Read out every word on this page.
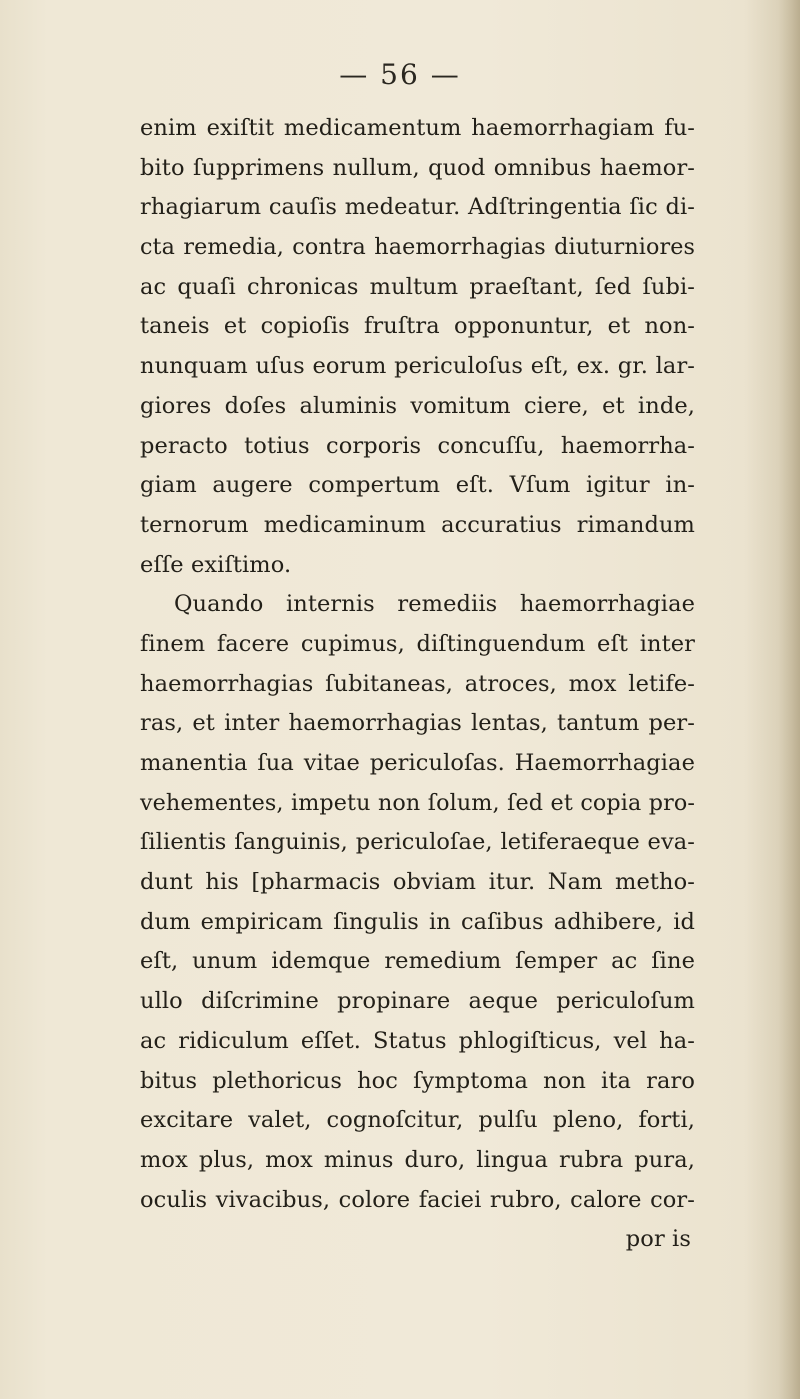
— 56 —

enim exiſtit medicamentum haemorrhagiam fu-
bito ſupprimens nullum, quod omnibus haemor-
rhagiarum cauſis medeatur. Adſtringentia ſic di-
cta remedia, contra haemorrhagias diuturniores
ac quaſi chronicas multum praeſtant, ſed ſubi-
taneis et copioſis fruſtra opponuntur, et non-
nunquam uſus eorum periculoſus eſt, ex. gr. lar-
giores doſes aluminis vomitum ciere, et inde,
peracto totius corporis concuſſu, haemorrha-
giam augere compertum eſt. Vſum igitur in-
ternorum medicaminum accuratius rimandum
eſſe exiſtimo.

Quando internis remediis haemorrhagiae
finem facere cupimus, diſtinguendum eſt inter
haemorrhagias ſubitaneas, atroces, mox letife-
ras, et inter haemorrhagias lentas, tantum per-
manentia ſua vitae periculoſas. Haemorrhagiae
vehementes, impetu non ſolum, ſed et copia pro-
ſilientis ſanguinis, periculoſae, letiferaeque eva-
dunt his [pharmacis obviam itur. Nam metho-
dum empiricam ſingulis in caſibus adhibere, id
eſt, unum idemque remedium ſemper ac ſine
ullo diſcrimine propinare aeque periculoſum
ac ridiculum eſſet. Status phlogiſticus, vel ha-
bitus plethoricus hoc ſymptoma non ita raro
excitare valet, cognoſcitur, pulſu pleno, forti,
mox plus, mox minus duro, lingua rubra pura,
oculis vivacibus, colore faciei rubro, calore cor-

por is
